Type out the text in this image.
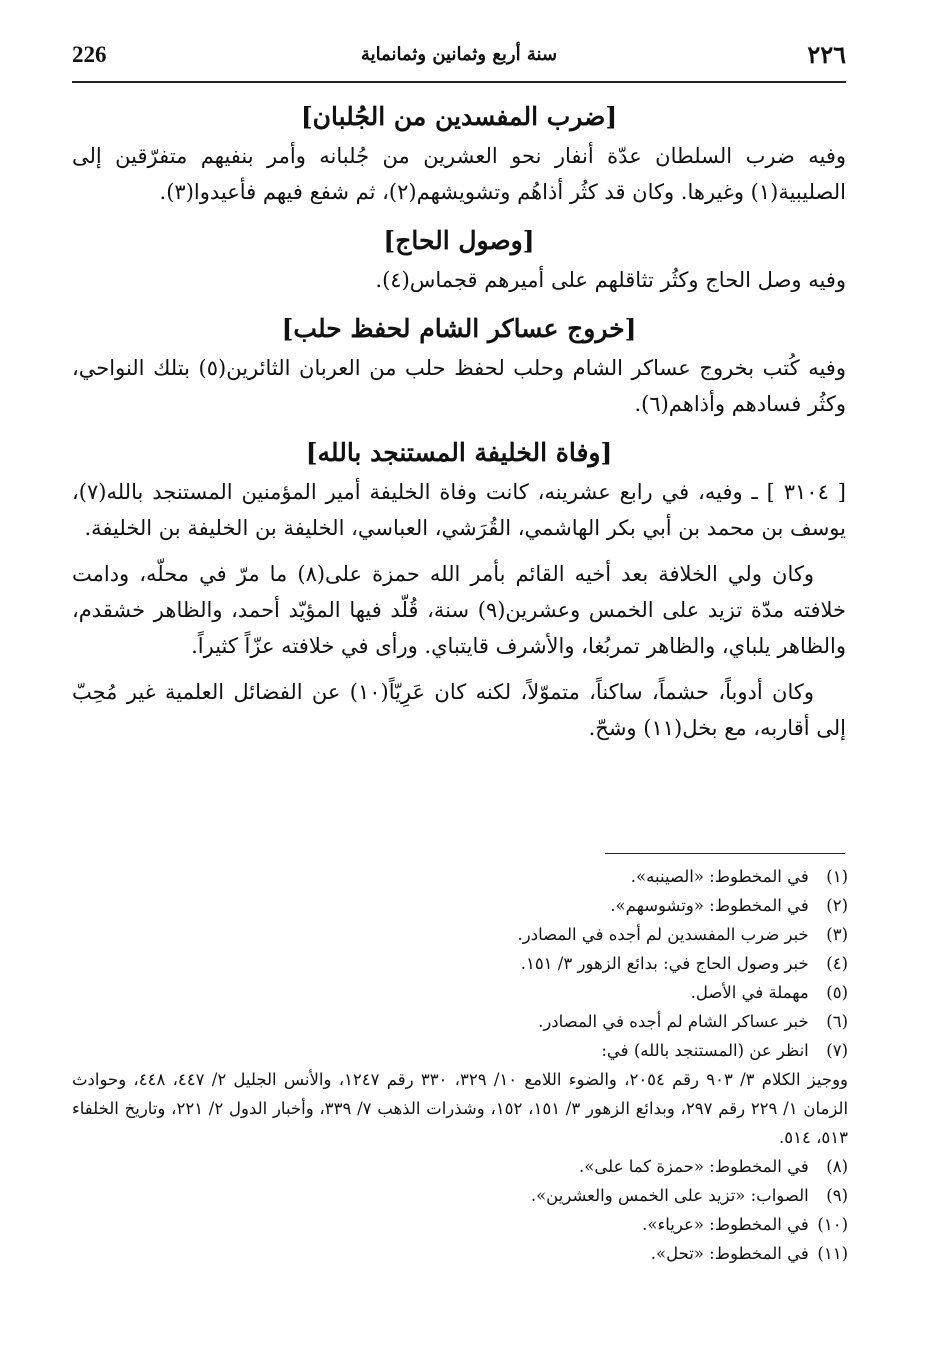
226	سنة أربع وثمانين وثمانماية	٢٢٦

[ضرب المفسدين من الجُلبان]

وفيه ضرب السلطان عدّة أنفار نحو العشرين من جُلبانه وأمر بنفيهم متفرّقين إلى الصليبية(١) وغيرها. وكان قد كثُر أذاهُم وتشويشهم(٢)، ثم شفع فيهم فأعيدوا(٣).

[وصول الحاج]

وفيه وصل الحاج وكثُر تثاقلهم على أميرهم قجماس(٤).

[خروج عساكر الشام لحفظ حلب]

وفيه كُتب بخروج عساكر الشام وحلب لحفظ حلب من العربان الثائرين(٥) بتلك النواحي، وكثُر فسادهم وأذاهم(٦).

[وفاة الخليفة المستنجد بالله]

[ ٣١٠٤ ] ـ وفيه، في رابع عشرينه، كانت وفاة الخليفة أمير المؤمنين المستنجد بالله(٧)، يوسف بن محمد بن أبي بكر الهاشمي، القُرَشي، العباسي، الخليفة بن الخليفة بن الخليفة.

وكان ولي الخلافة بعد أخيه القائم بأمر الله حمزة على(٨) ما مرّ في محلّه، ودامت خلافته مدّة تزيد على الخمس وعشرين(٩) سنة، قُلّد فيها المؤيّد أحمد، والظاهر خشقدم، والظاهر يلباي، والظاهر تمربُغا، والأشرف قايتباي. ورأى في خلافته عزّاً كثيراً.

وكان أدوباً، حشماً، ساكناً، متموّلاً، لكنه كان عَرِيّاً(١٠) عن الفضائل العلمية غير مُحِبّ إلى أقاربه، مع بخل(١١) وشحّ.

(١) في المخطوط: «الصينبه».

(٢) في المخطوط: «وتشوسهم».

(٣) خبر ضرب المفسدين لم أجده في المصادر.

(٤) خبر وصول الحاج في: بدائع الزهور ٣/ ١٥١.

(٥) مهملة في الأصل.

(٦) خبر عساكر الشام لم أجده في المصادر.

(٧) انظر عن (المستنجد بالله) في:

ووجيز الكلام ٣/ ٩٠٣ رقم ٢٠٥٤، والضوء اللامع ١٠/ ٣٢٩، ٣٣٠ رقم ١٢٤٧، والأنس الجليل ٢/ ٤٤٧، ٤٤٨، وحوادث الزمان ١/ ٢٢٩ رقم ٢٩٧، وبدائع الزهور ٣/ ١٥١، ١٥٢، وشذرات الذهب ٧/ ٣٣٩، وأخبار الدول ٢/ ٢٢١، وتاريخ الخلفاء ٥١٣، ٥١٤.

(٨) في المخطوط: «حمزة كما على».

(٩) الصواب: «تزيد على الخمس والعشرين».

(١٠) في المخطوط: «عرياء».

(١١) في المخطوط: «تحل».
